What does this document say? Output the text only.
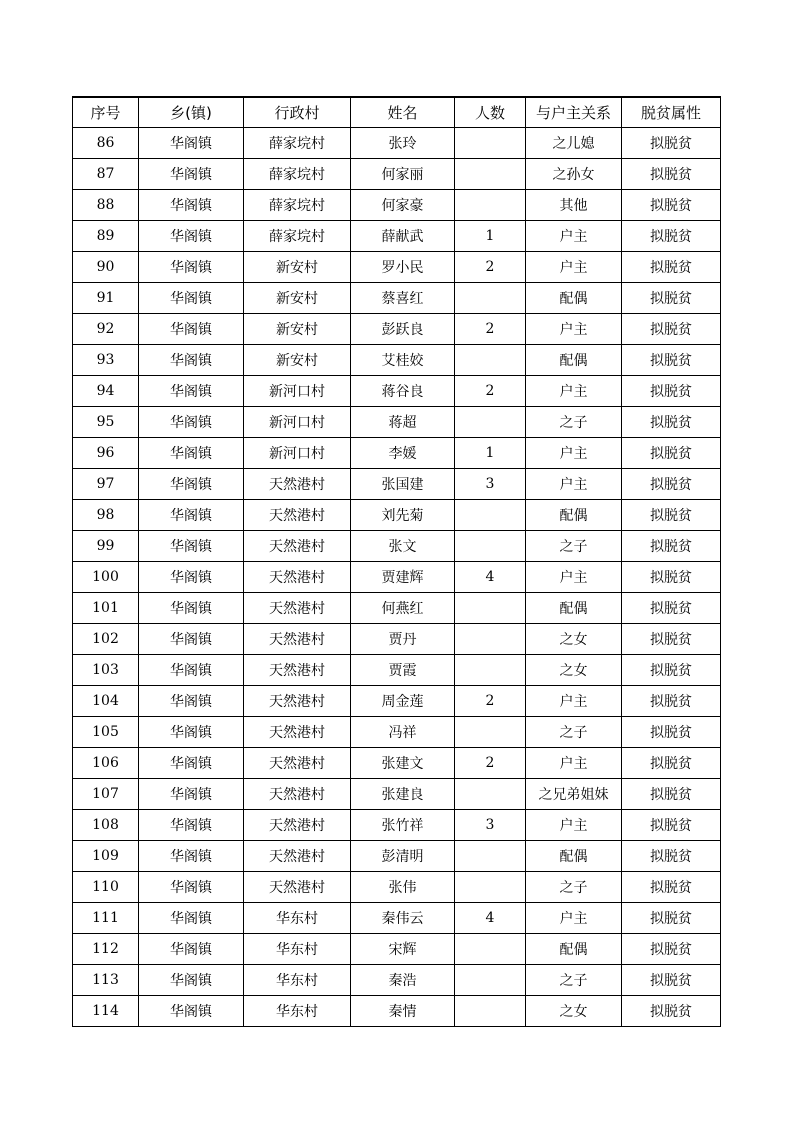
序号	乡(镇)	行政村	姓名	人数	与户主关系	脱贫属性
86	华阁镇	薛家垸村	张玲		之儿媳	拟脱贫
87	华阁镇	薛家垸村	何家丽		之孙女	拟脱贫
88	华阁镇	薛家垸村	何家豪		其他	拟脱贫
89	华阁镇	薛家垸村	薛献武	1	户主	拟脱贫
90	华阁镇	新安村	罗小民	2	户主	拟脱贫
91	华阁镇	新安村	蔡喜红		配偶	拟脱贫
92	华阁镇	新安村	彭跃良	2	户主	拟脱贫
93	华阁镇	新安村	艾桂姣		配偶	拟脱贫
94	华阁镇	新河口村	蒋谷良	2	户主	拟脱贫
95	华阁镇	新河口村	蒋超		之子	拟脱贫
96	华阁镇	新河口村	李媛	1	户主	拟脱贫
97	华阁镇	天然港村	张国建	3	户主	拟脱贫
98	华阁镇	天然港村	刘先菊		配偶	拟脱贫
99	华阁镇	天然港村	张文		之子	拟脱贫
100	华阁镇	天然港村	贾建辉	4	户主	拟脱贫
101	华阁镇	天然港村	何燕红		配偶	拟脱贫
102	华阁镇	天然港村	贾丹		之女	拟脱贫
103	华阁镇	天然港村	贾霞		之女	拟脱贫
104	华阁镇	天然港村	周金莲	2	户主	拟脱贫
105	华阁镇	天然港村	冯祥		之子	拟脱贫
106	华阁镇	天然港村	张建文	2	户主	拟脱贫
107	华阁镇	天然港村	张建良		之兄弟姐妹	拟脱贫
108	华阁镇	天然港村	张竹祥	3	户主	拟脱贫
109	华阁镇	天然港村	彭清明		配偶	拟脱贫
110	华阁镇	天然港村	张伟		之子	拟脱贫
111	华阁镇	华东村	秦伟云	4	户主	拟脱贫
112	华阁镇	华东村	宋辉		配偶	拟脱贫
113	华阁镇	华东村	秦浩		之子	拟脱贫
114	华阁镇	华东村	秦情		之女	拟脱贫
